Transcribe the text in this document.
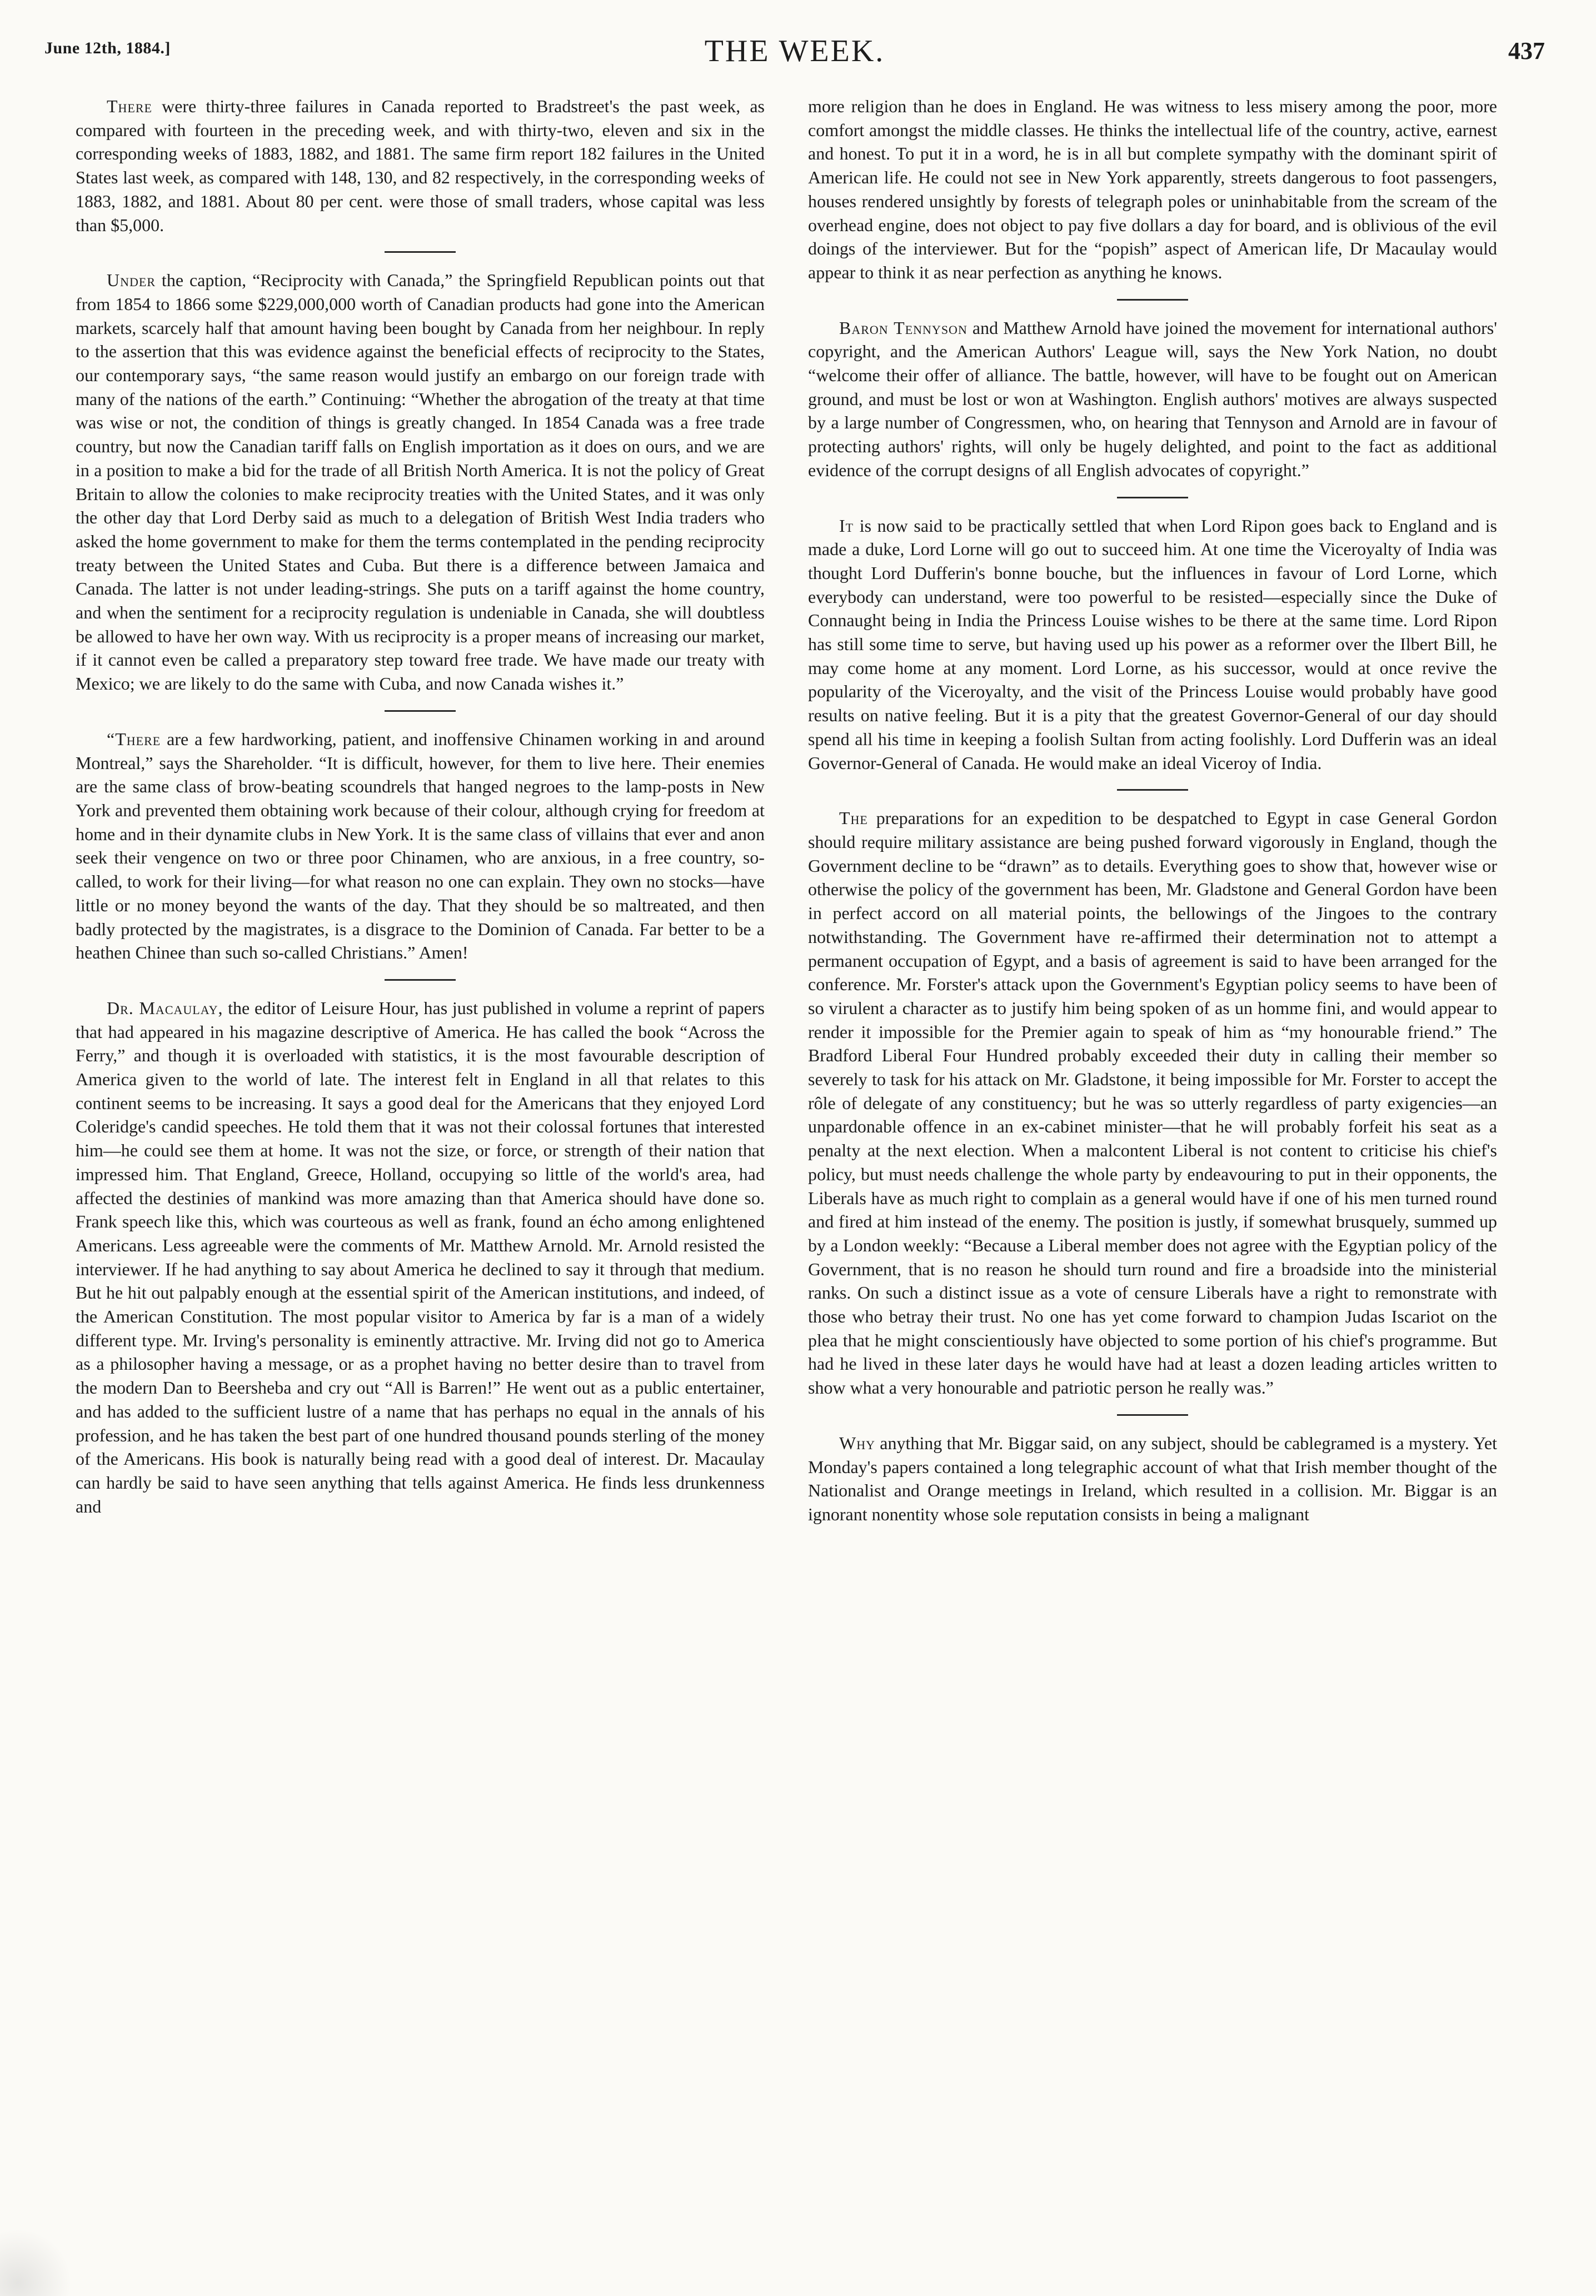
June 12th, 1884.]	THE WEEK.	437

There were thirty-three failures in Canada reported to Bradstreet's the past week, as compared with fourteen in the preceding week, and with thirty-two, eleven and six in the corresponding weeks of 1883, 1882, and 1881. The same firm report 182 failures in the United States last week, as compared with 148, 130, and 82 respectively, in the corresponding weeks of 1883, 1882, and 1881. About 80 per cent. were those of small traders, whose capital was less than $5,000.

Under the caption, “Reciprocity with Canada,” the Springfield Republican points out that from 1854 to 1866 some $229,000,000 worth of Canadian products had gone into the American markets, scarcely half that amount having been bought by Canada from her neighbour. In reply to the assertion that this was evidence against the beneficial effects of reciprocity to the States, our contemporary says, “the same reason would justify an embargo on our foreign trade with many of the nations of the earth.” Continuing: “Whether the abrogation of the treaty at that time was wise or not, the condition of things is greatly changed. In 1854 Canada was a free trade country, but now the Canadian tariff falls on English importation as it does on ours, and we are in a position to make a bid for the trade of all British North America. It is not the policy of Great Britain to allow the colonies to make reciprocity treaties with the United States, and it was only the other day that Lord Derby said as much to a delegation of British West India traders who asked the home government to make for them the terms contemplated in the pending reciprocity treaty between the United States and Cuba. But there is a difference between Jamaica and Canada. The latter is not under leading-strings. She puts on a tariff against the home country, and when the sentiment for a reciprocity regulation is undeniable in Canada, she will doubtless be allowed to have her own way. With us reciprocity is a proper means of increasing our market, if it cannot even be called a preparatory step toward free trade. We have made our treaty with Mexico; we are likely to do the same with Cuba, and now Canada wishes it.”

“There are a few hardworking, patient, and inoffensive Chinamen working in and around Montreal,” says the Shareholder. “It is difficult, however, for them to live here. Their enemies are the same class of brow-beating scoundrels that hanged negroes to the lamp-posts in New York and prevented them obtaining work because of their colour, although crying for freedom at home and in their dynamite clubs in New York. It is the same class of villains that ever and anon seek their vengence on two or three poor Chinamen, who are anxious, in a free country, so-called, to work for their living—for what reason no one can explain. They own no stocks—have little or no money beyond the wants of the day. That they should be so maltreated, and then badly protected by the magistrates, is a disgrace to the Dominion of Canada. Far better to be a heathen Chinee than such so-called Christians.” Amen!

Dr. Macaulay, the editor of Leisure Hour, has just published in volume a reprint of papers that had appeared in his magazine descriptive of America. He has called the book “Across the Ferry,” and though it is overloaded with statistics, it is the most favourable description of America given to the world of late. The interest felt in England in all that relates to this continent seems to be increasing. It says a good deal for the Americans that they enjoyed Lord Coleridge's candid speeches. He told them that it was not their colossal fortunes that interested him—he could see them at home. It was not the size, or force, or strength of their nation that impressed him. That England, Greece, Holland, occupying so little of the world's area, had affected the destinies of mankind was more amazing than that America should have done so. Frank speech like this, which was courteous as well as frank, found an écho among enlightened Americans. Less agreeable were the comments of Mr. Matthew Arnold. Mr. Arnold resisted the interviewer. If he had anything to say about America he declined to say it through that medium. But he hit out palpably enough at the essential spirit of the American institutions, and indeed, of the American Constitution. The most popular visitor to America by far is a man of a widely different type. Mr. Irving's personality is eminently attractive. Mr. Irving did not go to America as a philosopher having a message, or as a prophet having no better desire than to travel from the modern Dan to Beersheba and cry out “All is Barren!” He went out as a public entertainer, and has added to the sufficient lustre of a name that has perhaps no equal in the annals of his profession, and he has taken the best part of one hundred thousand pounds sterling of the money of the Americans. His book is naturally being read with a good deal of interest. Dr. Macaulay can hardly be said to have seen anything that tells against America. He finds less drunkenness and

more religion than he does in England. He was witness to less misery among the poor, more comfort amongst the middle classes. He thinks the intellectual life of the country, active, earnest and honest. To put it in a word, he is in all but complete sympathy with the dominant spirit of American life. He could not see in New York apparently, streets dangerous to foot passengers, houses rendered unsightly by forests of telegraph poles or uninhabitable from the scream of the overhead engine, does not object to pay five dollars a day for board, and is oblivious of the evil doings of the interviewer. But for the “popish” aspect of American life, Dr Macaulay would appear to think it as near perfection as anything he knows.

Baron Tennyson and Matthew Arnold have joined the movement for international authors' copyright, and the American Authors' League will, says the New York Nation, no doubt “welcome their offer of alliance. The battle, however, will have to be fought out on American ground, and must be lost or won at Washington. English authors' motives are always suspected by a large number of Congressmen, who, on hearing that Tennyson and Arnold are in favour of protecting authors' rights, will only be hugely delighted, and point to the fact as additional evidence of the corrupt designs of all English advocates of copyright.”

It is now said to be practically settled that when Lord Ripon goes back to England and is made a duke, Lord Lorne will go out to succeed him. At one time the Viceroyalty of India was thought Lord Dufferin's bonne bouche, but the influences in favour of Lord Lorne, which everybody can understand, were too powerful to be resisted—especially since the Duke of Connaught being in India the Princess Louise wishes to be there at the same time. Lord Ripon has still some time to serve, but having used up his power as a reformer over the Ilbert Bill, he may come home at any moment. Lord Lorne, as his successor, would at once revive the popularity of the Viceroyalty, and the visit of the Princess Louise would probably have good results on native feeling. But it is a pity that the greatest Governor-General of our day should spend all his time in keeping a foolish Sultan from acting foolishly. Lord Dufferin was an ideal Governor-General of Canada. He would make an ideal Viceroy of India.

The preparations for an expedition to be despatched to Egypt in case General Gordon should require military assistance are being pushed forward vigorously in England, though the Government decline to be “drawn” as to details. Everything goes to show that, however wise or otherwise the policy of the government has been, Mr. Gladstone and General Gordon have been in perfect accord on all material points, the bellowings of the Jingoes to the contrary notwithstanding. The Government have re-affirmed their determination not to attempt a permanent occupation of Egypt, and a basis of agreement is said to have been arranged for the conference. Mr. Forster's attack upon the Government's Egyptian policy seems to have been of so virulent a character as to justify him being spoken of as un homme fini, and would appear to render it impossible for the Premier again to speak of him as “my honourable friend.” The Bradford Liberal Four Hundred probably exceeded their duty in calling their member so severely to task for his attack on Mr. Gladstone, it being impossible for Mr. Forster to accept the rôle of delegate of any constituency; but he was so utterly regardless of party exigencies—an unpardonable offence in an ex-cabinet minister—that he will probably forfeit his seat as a penalty at the next election. When a malcontent Liberal is not content to criticise his chief's policy, but must needs challenge the whole party by endeavouring to put in their opponents, the Liberals have as much right to complain as a general would have if one of his men turned round and fired at him instead of the enemy. The position is justly, if somewhat brusquely, summed up by a London weekly: “Because a Liberal member does not agree with the Egyptian policy of the Government, that is no reason he should turn round and fire a broadside into the ministerial ranks. On such a distinct issue as a vote of censure Liberals have a right to remonstrate with those who betray their trust. No one has yet come forward to champion Judas Iscariot on the plea that he might conscientiously have objected to some portion of his chief's programme. But had he lived in these later days he would have had at least a dozen leading articles written to show what a very honourable and patriotic person he really was.”

Why anything that Mr. Biggar said, on any subject, should be cablegramed is a mystery. Yet Monday's papers contained a long telegraphic account of what that Irish member thought of the Nationalist and Orange meetings in Ireland, which resulted in a collision. Mr. Biggar is an ignorant nonentity whose sole reputation consists in being a malignant
